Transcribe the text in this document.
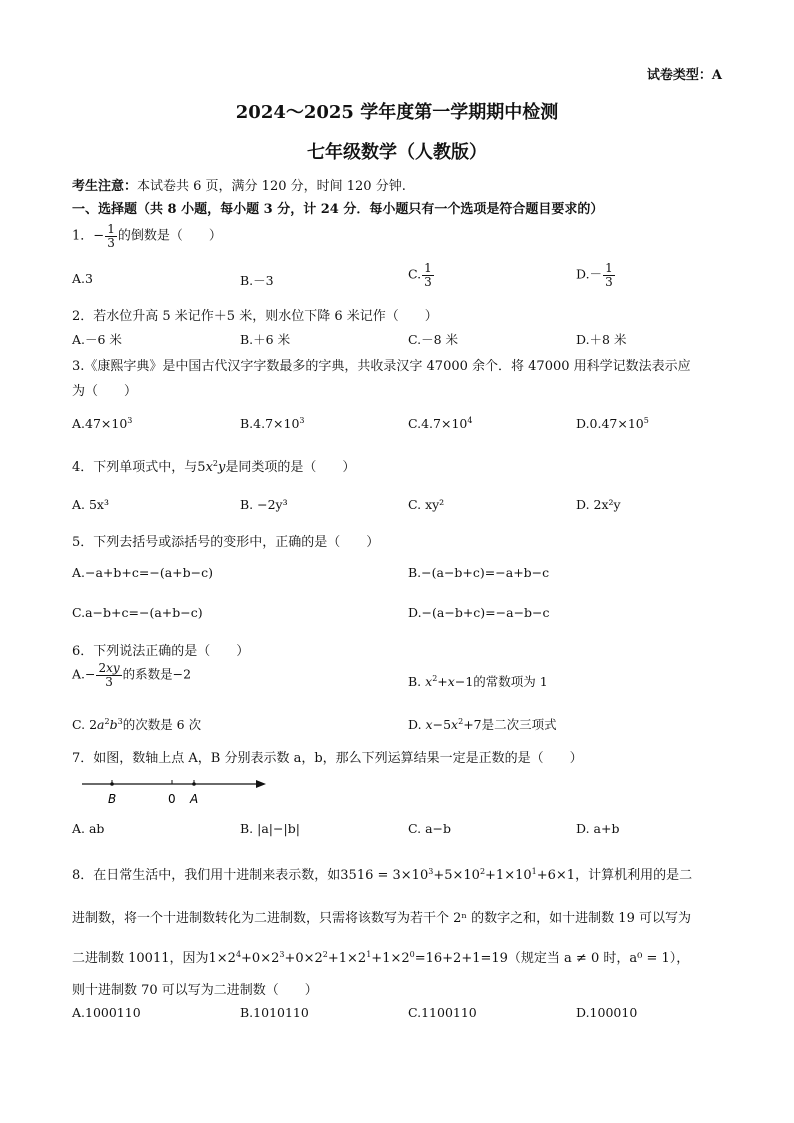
试卷类型：A
2024～2025 学年度第一学期期中检测
七年级数学（人教版）
考生注意：本试卷共 6 页，满分 120 分，时间 120 分钟.
一、选择题（共 8 小题，每小题 3 分，计 24 分．每小题只有一个选项是符合题目要求的）
1．− $\frac{1}{3}$ 的倒数是（　　）
A.3	B.－3	C. $\frac{1}{3}$	$D.- \frac{1}{3}$
2．若水位升高 5 米记作＋5 米，则水位下降 6 米记作（　　）
A.－6 米	B.＋6 米	C.－8 米	D.＋8 米
3.《康熙字典》是中国古代汉字字数最多的字典，共收录汉字 47000 余个．将 47000 用科学记数法表示应
为（　　）
$A.47\times 10^3$	$B.4.7\times 10^3$	$C.4.7\times 10^4$	$D.0.47\times 10^5$
4．下列单项式中，与$5x^2y$是同类项的是（　　）
A. 5x³	B. −2y³	C. xy²	D. 2x²y
5．下列去括号或添括号的变形中，正确的是（　　）
A.−a+b+c=−(a+b−c)	B.−(a−b+c)=−a+b−c
C.a−b+c=−(a+b−c)	D.−(a−b+c)=−a−b−c
6．下列说法正确的是（　　）
$A.- \frac{2xy}{3}$ 的系数是−2	B. $x^2+x-1$的常数项为 1
C. $2a^2b^3$的次数是 6 次	D. $x-5x^2+7$是二次三项式
7．如图，数轴上点 A，B 分别表示数 a，b，那么下列运算结果一定是正数的是（　　）
B	0 A
A. ab	B. |a|−|b|	C. a−b	D. a+b
8．在日常生活中，我们用十进制来表示数，如$3516 = 3\times 10^3+5\times 10^2+1\times 10^1+6\times 1$，计算机利用的是二
进制数，将一个十进制数转化为二进制数，只需将该数写为若干个 2ⁿ 的数字之和，如十进制数 19 可以写为
二进制数 10011，因为$1\times 2^4+0\times 2^3+0\times 2^2+1\times 2^1+1\times 2^0=16+2+1=19$（规定当 a ≠ 0 时，a⁰ = 1），
则十进制数 70 可以写为二进制数（　　）
A.1000110	B.1010110	C.1100110	D.100010
